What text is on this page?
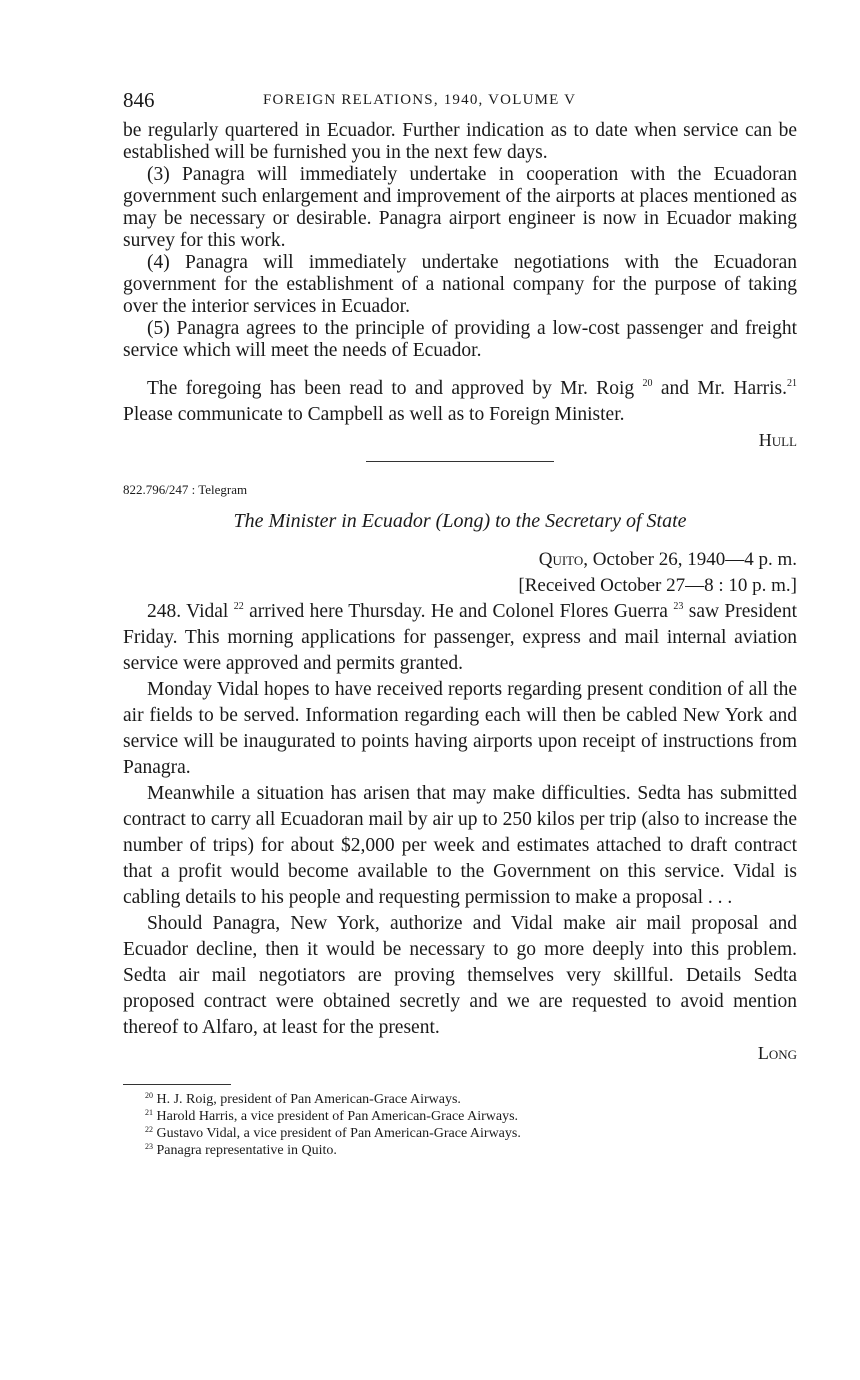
846	FOREIGN RELATIONS, 1940, VOLUME V

be regularly quartered in Ecuador. Further indication as to date when service can be established will be furnished you in the next few days.

(3) Panagra will immediately undertake in cooperation with the Ecuadoran government such enlargement and improvement of the airports at places mentioned as may be necessary or desirable. Panagra airport engineer is now in Ecuador making survey for this work.

(4) Panagra will immediately undertake negotiations with the Ecuadoran government for the establishment of a national company for the purpose of taking over the interior services in Ecuador.

(5) Panagra agrees to the principle of providing a low-cost passenger and freight service which will meet the needs of Ecuador.

The foregoing has been read to and approved by Mr. Roig $^{20}$ and Mr. Harris.$^{21}$ Please communicate to Campbell as well as to Foreign Minister.

Hull
822.796/247 : Telegram
The Minister in Ecuador (Long) to the Secretary of State
Quito, October 26, 1940—4 p. m.
[Received October 27—8 : 10 p. m.]

248. Vidal $^{22}$ arrived here Thursday. He and Colonel Flores Guerra $^{23}$ saw President Friday. This morning applications for passenger, express and mail internal aviation service were approved and permits granted.

Monday Vidal hopes to have received reports regarding present condition of all the air fields to be served. Information regarding each will then be cabled New York and service will be inaugurated to points having airports upon receipt of instructions from Panagra.

Meanwhile a situation has arisen that may make difficulties. Sedta has submitted contract to carry all Ecuadoran mail by air up to 250 kilos per trip (also to increase the number of trips) for about $2,000 per week and estimates attached to draft contract that a profit would become available to the Government on this service. Vidal is cabling details to his people and requesting permission to make a proposal . . .

Should Panagra, New York, authorize and Vidal make air mail proposal and Ecuador decline, then it would be necessary to go more deeply into this problem. Sedta air mail negotiators are proving themselves very skillful. Details Sedta proposed contract were obtained secretly and we are requested to avoid mention thereof to Alfaro, at least for the present.

Long
$^{20}$ H. J. Roig, president of Pan American-Grace Airways.
$^{21}$ Harold Harris, a vice president of Pan American-Grace Airways.
$^{22}$ Gustavo Vidal, a vice president of Pan American-Grace Airways.
$^{23}$ Panagra representative in Quito.
